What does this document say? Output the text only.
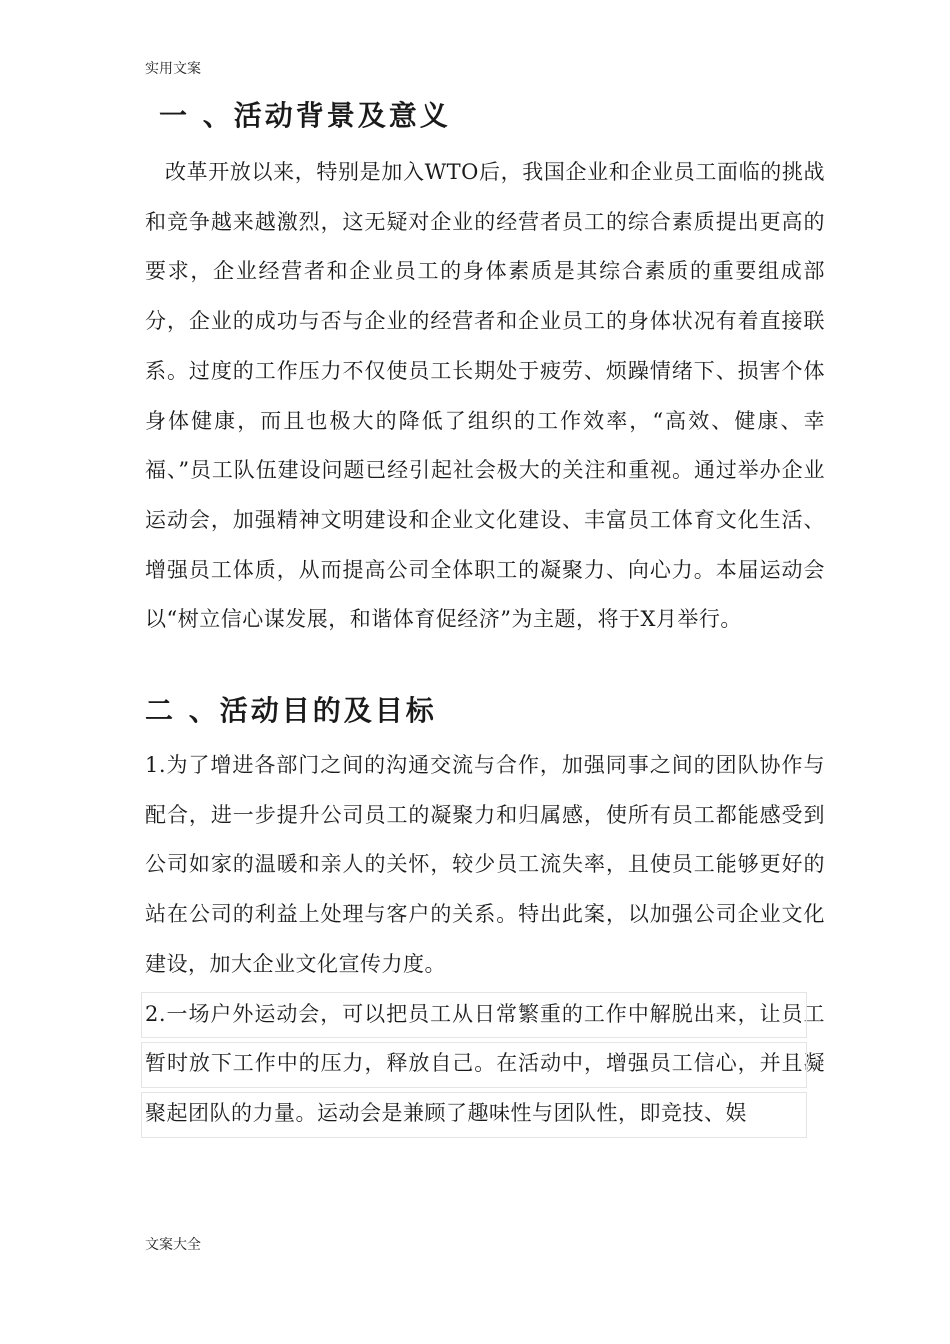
实用文案
一 、活动背景及意义

改革开放以来，特别是加入WTO后，我国企业和企业员工面临的挑战和竞争越来越激烈，这无疑对企业的经营者员工的综合素质提出更高的要求，企业经营者和企业员工的身体素质是其综合素质的重要组成部分，企业的成功与否与企业的经营者和企业员工的身体状况有着直接联系。过度的工作压力不仅使员工长期处于疲劳、烦躁情绪下、损害个体身体健康，而且也极大的降低了组织的工作效率，“高效、健康、幸福、”员工队伍建设问题已经引起社会极大的关注和重视。通过举办企业运动会，加强精神文明建设和企业文化建设、丰富员工体育文化生活、增强员工体质，从而提高公司全体职工的凝聚力、向心力。本届运动会以“树立信心谋发展，和谐体育促经济”为主题，将于X月举行。

二 、活动目的及目标

1.为了增进各部门之间的沟通交流与合作，加强同事之间的团队协作与配合，进一步提升公司员工的凝聚力和归属感，使所有员工都能感受到公司如家的温暖和亲人的关怀，较少员工流失率，且使员工能够更好的站在公司的利益上处理与客户的关系。特出此案，以加强公司企业文化建设，加大企业文化宣传力度。

2.一场户外运动会，可以把员工从日常繁重的工作中解脱出来，让员工暂时放下工作中的压力，释放自己。在活动中，增强员工信心，并且凝聚起团队的力量。运动会是兼顾了趣味性与团队性，即竞技、娱

文案大全
